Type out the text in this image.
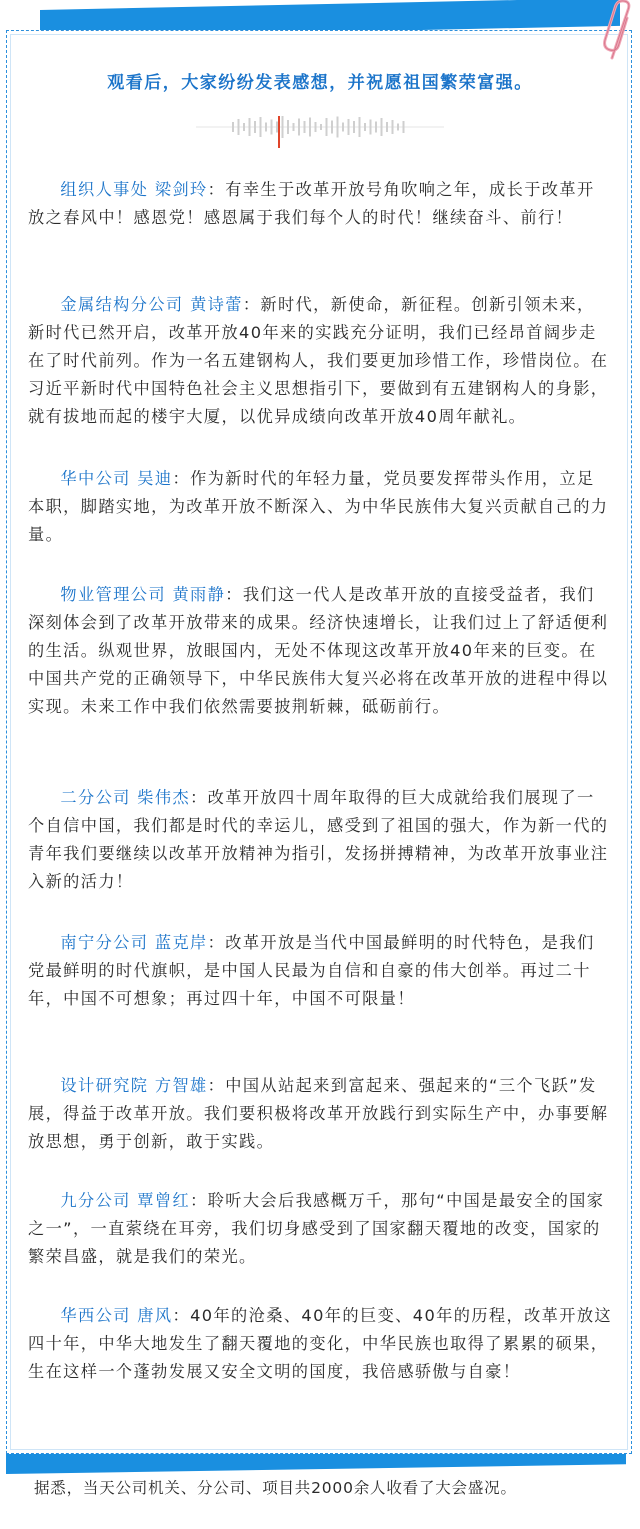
观看后，大家纷纷发表感想，并祝愿祖国繁荣富强。

组织人事处 梁剑玲：有幸生于改革开放号角吹响之年，成长于改革开放之春风中！感恩党！感恩属于我们每个人的时代！继续奋斗、前行！

金属结构分公司 黄诗蕾：新时代，新使命，新征程。创新引领未来，新时代已然开启，改革开放40年来的实践充分证明，我们已经昂首阔步走在了时代前列。作为一名五建钢构人，我们要更加珍惜工作，珍惜岗位。在习近平新时代中国特色社会主义思想指引下，要做到有五建钢构人的身影，就有拔地而起的楼宇大厦，以优异成绩向改革开放40周年献礼。

华中公司 吴迪：作为新时代的年轻力量，党员要发挥带头作用，立足本职，脚踏实地，为改革开放不断深入、为中华民族伟大复兴贡献自己的力量。

物业管理公司 黄雨静：我们这一代人是改革开放的直接受益者，我们深刻体会到了改革开放带来的成果。经济快速增长，让我们过上了舒适便利的生活。纵观世界，放眼国内，无处不体现这改革开放40年来的巨变。在中国共产党的正确领导下，中华民族伟大复兴必将在改革开放的进程中得以实现。未来工作中我们依然需要披荆斩棘，砥砺前行。

二分公司 柴伟杰：改革开放四十周年取得的巨大成就给我们展现了一个自信中国，我们都是时代的幸运儿，感受到了祖国的强大，作为新一代的青年我们要继续以改革开放精神为指引，发扬拼搏精神，为改革开放事业注入新的活力！

南宁分公司 蓝克岸：改革开放是当代中国最鲜明的时代特色，是我们党最鲜明的时代旗帜，是中国人民最为自信和自豪的伟大创举。再过二十年，中国不可想象；再过四十年，中国不可限量！

设计研究院 方智雄：中国从站起来到富起来、强起来的“三个飞跃”发展，得益于改革开放。我们要积极将改革开放践行到实际生产中，办事要解放思想，勇于创新，敢于实践。

九分公司 覃曾红：聆听大会后我感概万千，那句“中国是最安全的国家之一”，一直萦绕在耳旁，我们切身感受到了国家翻天覆地的改变，国家的繁荣昌盛，就是我们的荣光。

华西公司 唐风：40年的沧桑、40年的巨变、40年的历程，改革开放这四十年，中华大地发生了翻天覆地的变化，中华民族也取得了累累的硕果，生在这样一个蓬勃发展又安全文明的国度，我倍感骄傲与自豪！

据悉，当天公司机关、分公司、项目共2000余人收看了大会盛况。
